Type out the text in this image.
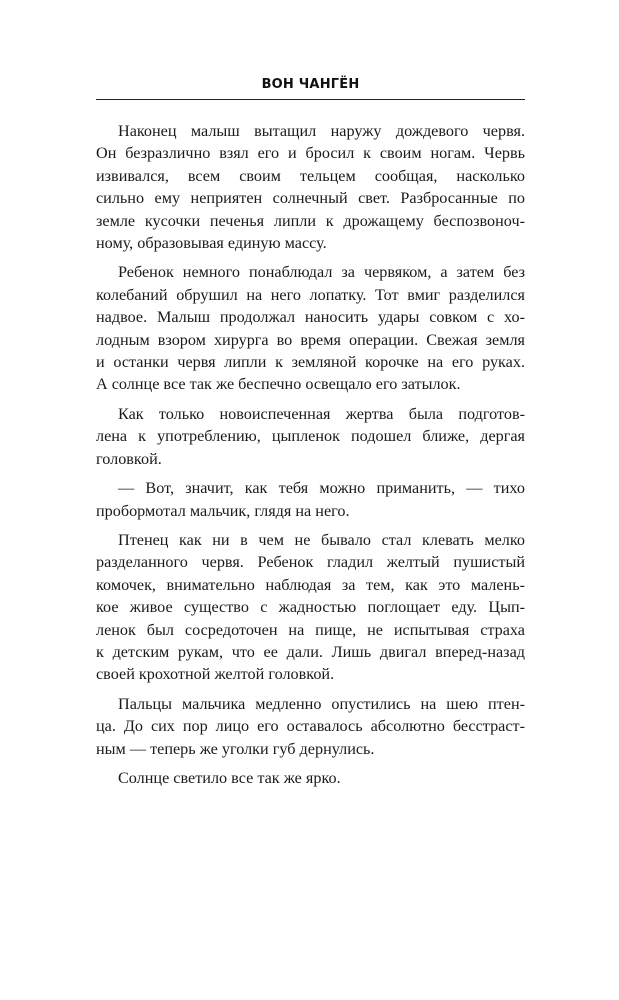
ВОН ЧАНГЁН
Наконец малыш вытащил наружу дождевого червя.
Он безразлично взял его и бросил к своим ногам. Червь
извивался, всем своим тельцем сообщая, насколько
сильно ему неприятен солнечный свет. Разбросанные по
земле кусочки печенья липли к дрожащему беспозвоноч-
ному, образовывая единую массу.
Ребенок немного понаблюдал за червяком, а затем без
колебаний обрушил на него лопатку. Тот вмиг разделился
надвое. Малыш продолжал наносить удары совком с хо-
лодным взором хирурга во время операции. Свежая земля
и останки червя липли к земляной корочке на его руках.
А солнце все так же беспечно освещало его затылок.
Как только новоиспеченная жертва была подготов-
лена к употреблению, цыпленок подошел ближе, дергая
головкой.
— Вот, значит, как тебя можно приманить, — тихо
пробормотал мальчик, глядя на него.
Птенец как ни в чем не бывало стал клевать мелко
разделанного червя. Ребенок гладил желтый пушистый
комочек, внимательно наблюдая за тем, как это малень-
кое живое существо с жадностью поглощает еду. Цып-
ленок был сосредоточен на пище, не испытывая страха
к детским рукам, что ее дали. Лишь двигал вперед-назад
своей крохотной желтой головкой.
Пальцы мальчика медленно опустились на шею птен-
ца. До сих пор лицо его оставалось абсолютно бесстраст-
ным — теперь же уголки губ дернулись.
Солнце светило все так же ярко.
